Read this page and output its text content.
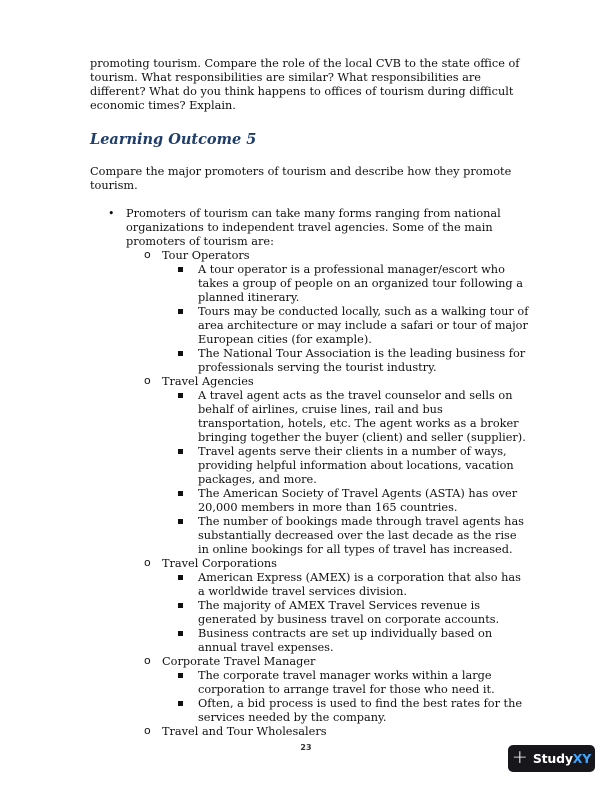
promoting tourism. Compare the role of the local CVB to the state office of tourism. What responsibilities are similar? What responsibilities are different? What do you think happens to offices of tourism during difficult economic times? Explain.

Learning Outcome 5

Compare the major promoters of tourism and describe how they promote tourism.

• Promoters of tourism can take many forms ranging from national organizations to independent travel agencies. Some of the main promoters of tourism are:
o Tour Operators
A tour operator is a professional manager/escort who takes a group of people on an organized tour following a planned itinerary.
Tours may be conducted locally, such as a walking tour of area architecture or may include a safari or tour of major European cities (for example).
The National Tour Association is the leading business for professionals serving the tourist industry.
o Travel Agencies
A travel agent acts as the travel counselor and sells on behalf of airlines, cruise lines, rail and bus transportation, hotels, etc. The agent works as a broker bringing together the buyer (client) and seller (supplier).
Travel agents serve their clients in a number of ways, providing helpful information about locations, vacation packages, and more.
The American Society of Travel Agents (ASTA) has over 20,000 members in more than 165 countries.
The number of bookings made through travel agents has substantially decreased over the last decade as the rise in online bookings for all types of travel has increased.
o Travel Corporations
American Express (AMEX) is a corporation that also has a worldwide travel services division.
The majority of AMEX Travel Services revenue is generated by business travel on corporate accounts.
Business contracts are set up individually based on annual travel expenses.
o Corporate Travel Manager
The corporate travel manager works within a large corporation to arrange travel for those who need it.
Often, a bid process is used to find the best rates for the services needed by the company.
o Travel and Tour Wholesalers
23	+ StudyXY
